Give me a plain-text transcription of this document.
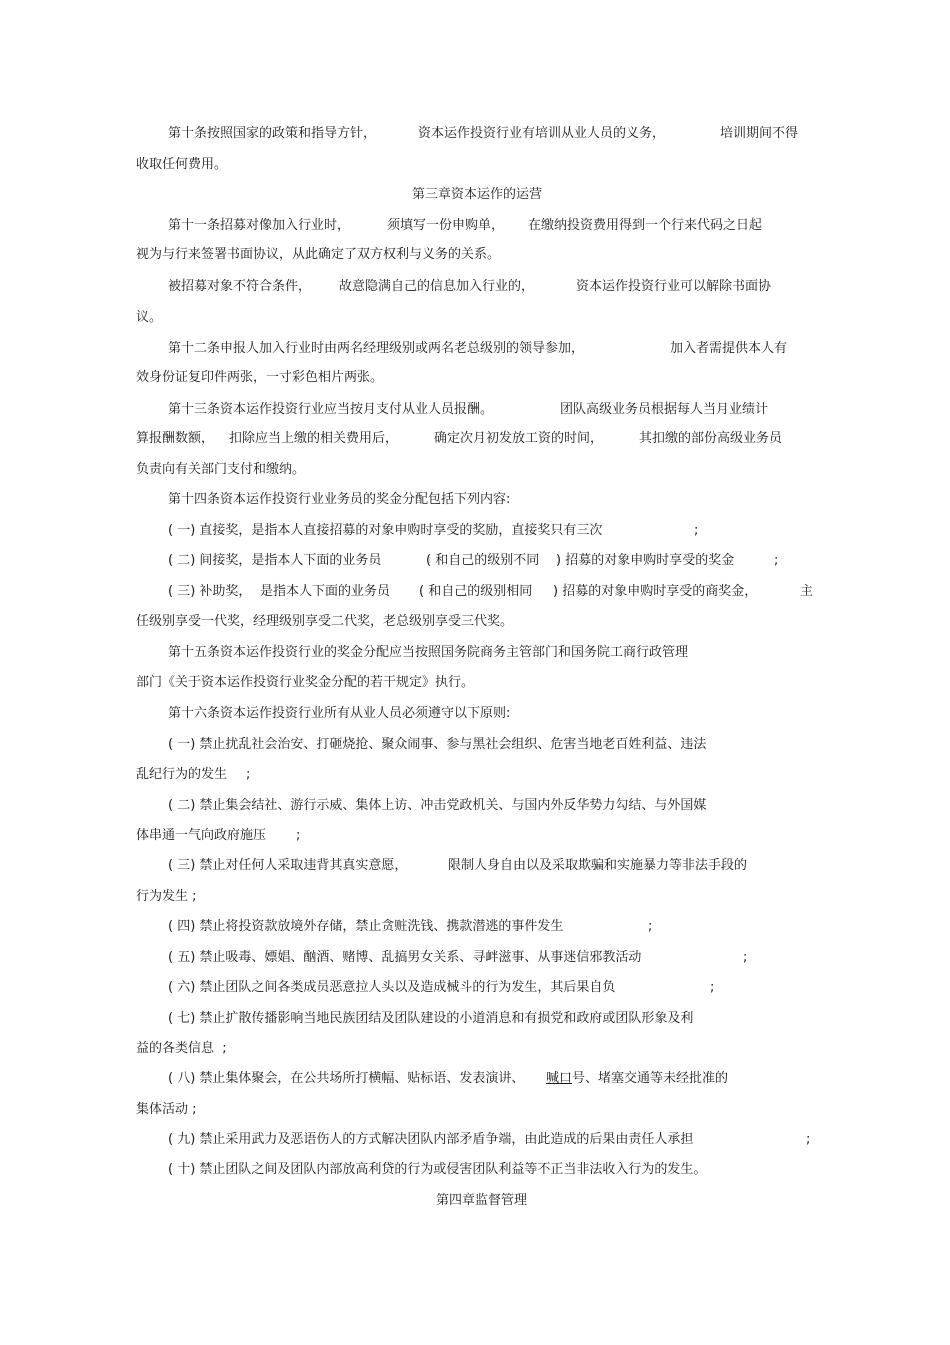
第十条按照国家的政策和指导方针，	资本运作投资行业有培训从业人员的义务，	培训期间不得
收取任何费用。
第三章资本运作的运营
第十一条招募对像加入行业时，	须填写一份申购单， 在缴纳投资费用得到一个行来代码之日起
视为与行来签署书面协议，从此确定了双方权利与义务的关系。
被招募对象不符合条件， 故意隐满自己的信息加入行业的，	资本运作投资行业可以解除书面协
议。
第十二条申报人加入行业时由两名经理级别或两名老总级别的领导参加，	加入者需提供本人有
效身份证复印件两张，一寸彩色相片两张。
第十三条资本运作投资行业应当按月支付从业人员报酬。	团队高级业务员根据每人当月业绩计
算报酬数额， 扣除应当上缴的相关费用后，	确定次月初发放工资的时间，	其扣缴的部份高级业务员
负责向有关部门支付和缴纳。
第十四条资本运作投资行业业务员的奖金分配包括下列内容:
( 一) 直接奖，是指本人直接招募的对象申购时享受的奖励，直接奖只有三次	;
( 二) 间接奖，是指本人下面的业务员	( 和自己的级别不同 ) 招募的对象申购时享受的奖金	;
( 三) 补助奖， 是指本人下面的业务员 ( 和自己的级别相同 ) 招募的对象申购时享受的商奖金，	主
任级别享受一代奖，经理级别享受二代奖，老总级别享受三代奖。
第十五条资本运作投资行业的奖金分配应当按照国务院商务主管部门和国务院工商行政管理
部门《关于资本运作投资行业奖金分配的若干规定》执行。
第十六条资本运作投资行业所有从业人员必须遵守以下原则:
( 一) 禁止扰乱社会治安、打砸烧抢、聚众闹事、参与黑社会组织、危害当地老百姓利益、违法
乱纪行为的发生 ;
( 二) 禁止集会结社、游行示威、集体上访、冲击党政机关、与国内外反华势力勾结、与外国媒
体串通一气向政府施压 ;
( 三) 禁止对任何人采取违背其真实意愿，	限制人身自由以及采取欺骗和实施暴力等非法手段的
行为发生 ;
( 四) 禁止将投资款放境外存储，禁止贪赃洗钱、携款潜逃的事件发生	;
( 五) 禁止吸毒、嫖娼、酗酒、赌博、乱搞男女关系、寻衅滋事、从事迷信邪教活动	;
( 六) 禁止团队之间各类成员恶意拉人头以及造成械斗的行为发生，其后果自负	;
( 七) 禁止扩散传播影响当地民族团结及团队建设的小道消息和有损党和政府或团队形象及利
益的各类信息  ;
( 八) 禁止集体聚会，在公共场所打横幅、贴标语、发表演讲、 喊口 号、堵塞交通等未经批准的
集体活动 ;
( 九) 禁止采用武力及恶语伤人的方式解决团队内部矛盾争端，由此造成的后果由责任人承担	;
( 十) 禁止团队之间及团队内部放高利贷的行为或侵害团队利益等不正当非法收入行为的发生。
第四章监督管理
